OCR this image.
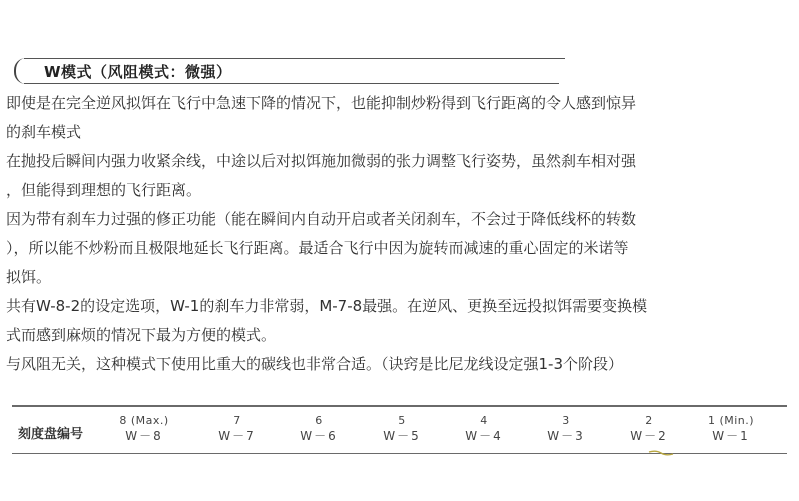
W模式（风阻模式：微强）
即使是在完全逆风拟饵在飞行中急速下降的情况下，也能抑制炒粉得到飞行距离的令人感到惊异
的刹车模式
在抛投后瞬间内强力收紧余线，中途以后对拟饵施加微弱的张力调整飞行姿势，虽然刹车相对强
，但能得到理想的飞行距离。
因为带有刹车力过强的修正功能（能在瞬间内自动开启或者关闭刹车，不会过于降低线杯的转数
），所以能不炒粉而且极限地延长飞行距离。最适合飞行中因为旋转而减速的重心固定的米诺等
拟饵。
共有W-8-2的设定选项，W-1的刹车力非常弱，M-7-8最强。在逆风、更换至远投拟饵需要变换模
式而感到麻烦的情况下最为方便的模式。
与风阻无关，这种模式下使用比重大的碳线也非常合适。（诀窍是比尼龙线设定强1-3个阶段）
刻度盘编号
8 (Max.)
W－8
7
W－7
6
W－6
5
W－5
4
W－4
3
W－3
2
W－2
1 (Min.)
W－1
